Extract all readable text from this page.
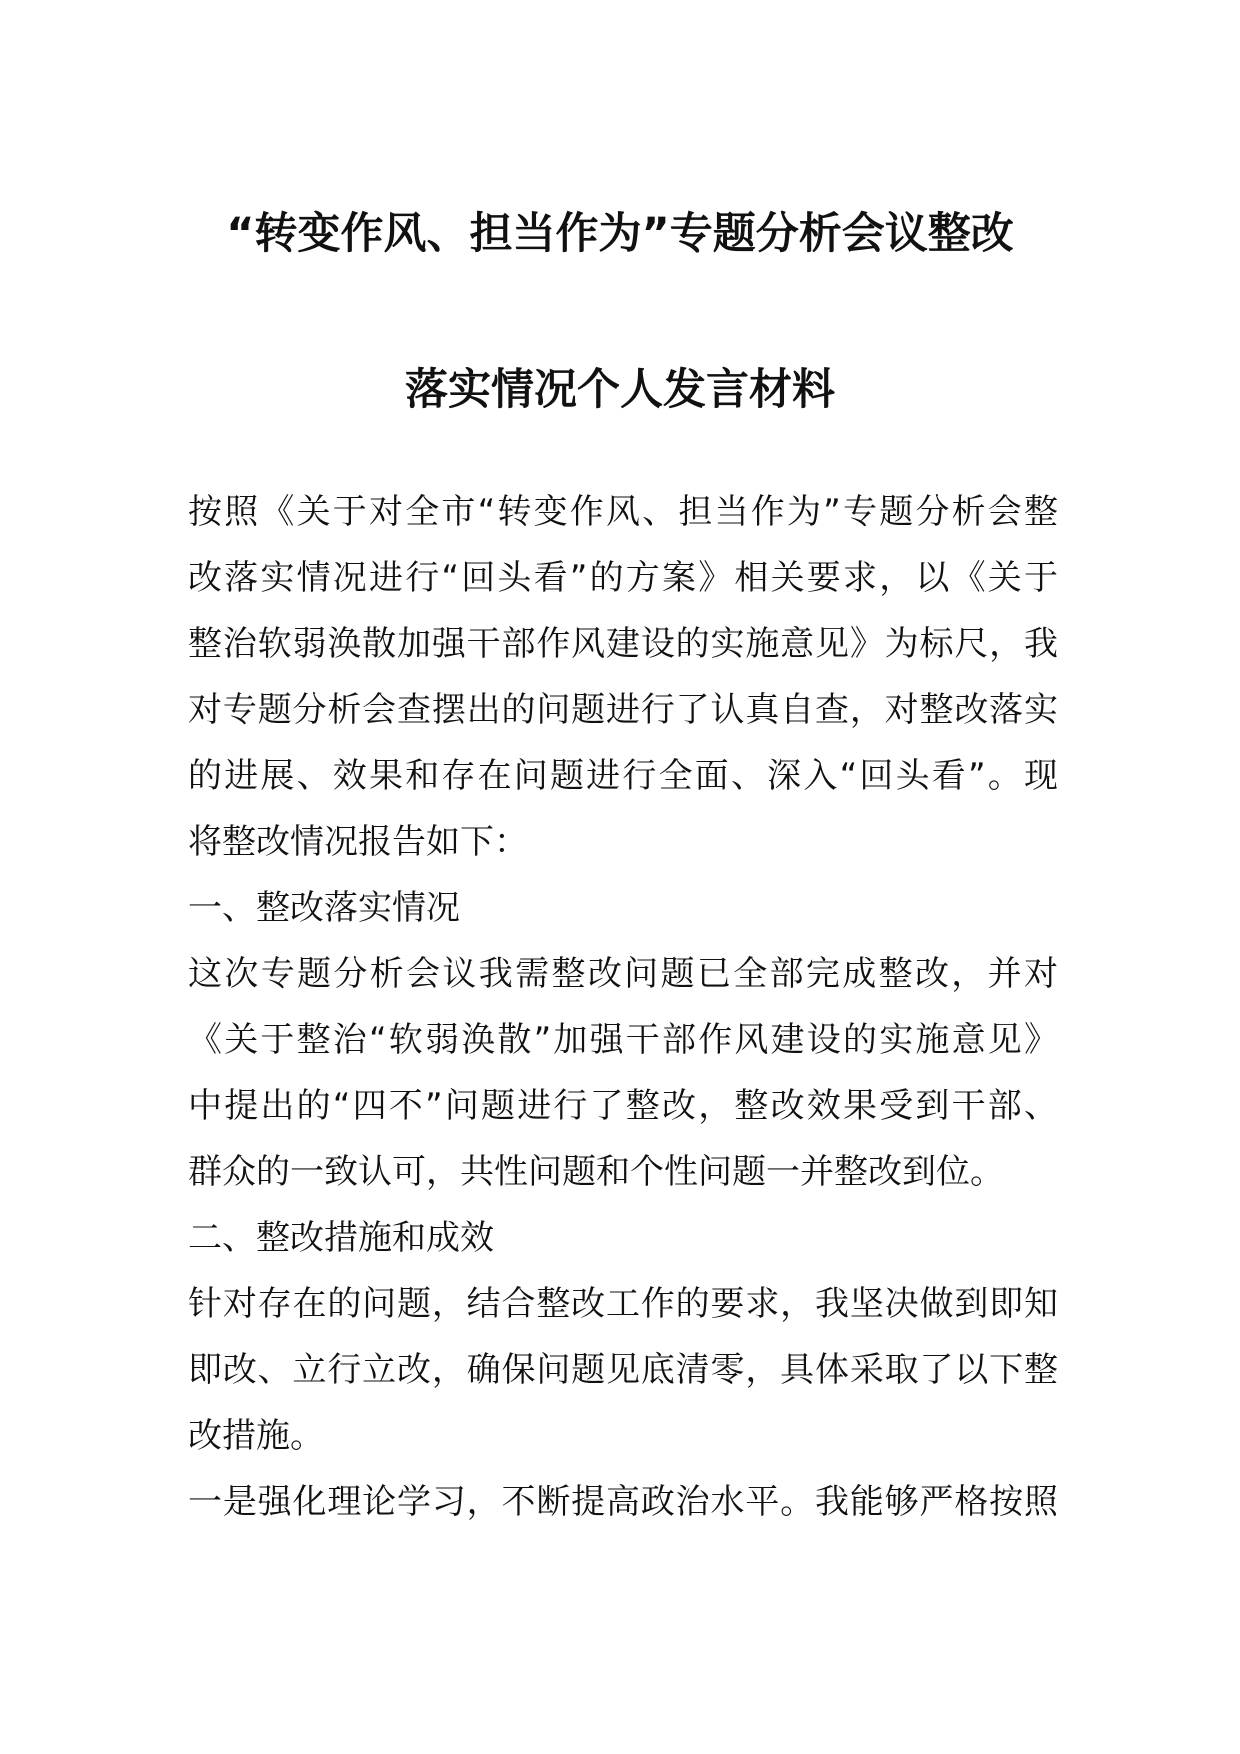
“转变作风、担当作为”专题分析会议整改
落实情况个人发言材料
按照《关于对全市“转变作风、担当作为”专题分析会整
改落实情况进行“回头看”的方案》相关要求，以《关于
整治软弱涣散加强干部作风建设的实施意见》为标尺，我
对专题分析会查摆出的问题进行了认真自查，对整改落实
的进展、效果和存在问题进行全面、深入“回头看”。现
将整改情况报告如下：
一、整改落实情况
这次专题分析会议我需整改问题已全部完成整改，并对
《关于整治“软弱涣散”加强干部作风建设的实施意见》
中提出的“四不”问题进行了整改，整改效果受到干部、
群众的一致认可，共性问题和个性问题一并整改到位。
二、整改措施和成效
针对存在的问题，结合整改工作的要求，我坚决做到即知
即改、立行立改，确保问题见底清零，具体采取了以下整
改措施。
一是强化理论学习，不断提高政治水平。我能够严格按照
